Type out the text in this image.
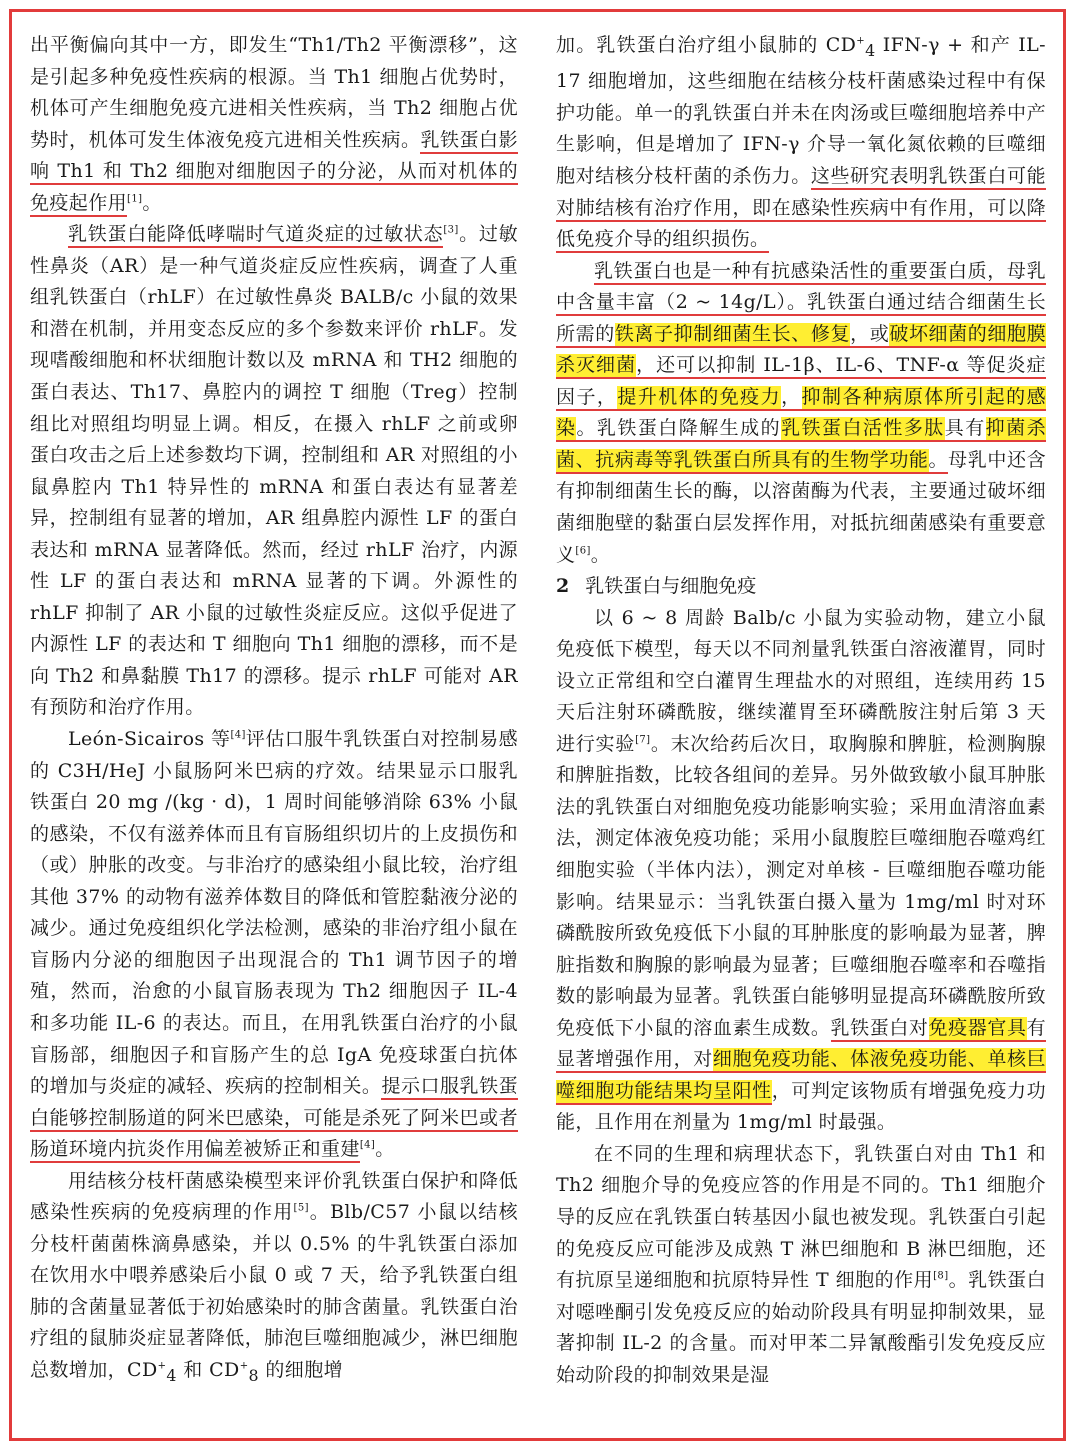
出平衡偏向其中一方，即发生“Th1/Th2 平衡漂移”，这是引起多种免疫性疾病的根源。当 Th1 细胞占优势时，机体可产生细胞免疫亢进相关性疾病，当 Th2 细胞占优势时，机体可发生体液免疫亢进相关性疾病。乳铁蛋白影响 Th1 和 Th2 细胞对细胞因子的分泌，从而对机体的免疫起作用[1]。

乳铁蛋白能降低哮喘时气道炎症的过敏状态[3]。过敏性鼻炎（AR）是一种气道炎症反应性疾病，调查了人重组乳铁蛋白（rhLF）在过敏性鼻炎 BALB/c 小鼠的效果和潜在机制，并用变态反应的多个参数来评价 rhLF。发现嗜酸细胞和杯状细胞计数以及 mRNA 和 TH2 细胞的蛋白表达、Th17、鼻腔内的调控 T 细胞（Treg）控制组比对照组均明显上调。相反，在摄入 rhLF 之前或卵蛋白攻击之后上述参数均下调，控制组和 AR 对照组的小鼠鼻腔内 Th1 特异性的 mRNA 和蛋白表达有显著差异，控制组有显著的增加，AR 组鼻腔内源性 LF 的蛋白表达和 mRNA 显著降低。然而，经过 rhLF 治疗，内源性 LF 的蛋白表达和 mRNA 显著的下调。外源性的 rhLF 抑制了 AR 小鼠的过敏性炎症反应。这似乎促进了内源性 LF 的表达和 T 细胞向 Th1 细胞的漂移，而不是向 Th2 和鼻黏膜 Th17 的漂移。提示 rhLF 可能对 AR 有预防和治疗作用。

León-Sicairos 等[4]评估口服牛乳铁蛋白对控制易感的 C3H/HeJ 小鼠肠阿米巴病的疗效。结果显示口服乳铁蛋白 20 mg /(kg · d)，1 周时间能够消除 63% 小鼠的感染，不仅有滋养体而且有盲肠组织切片的上皮损伤和（或）肿胀的改变。与非治疗的感染组小鼠比较，治疗组其他 37% 的动物有滋养体数目的降低和管腔黏液分泌的减少。通过免疫组织化学法检测，感染的非治疗组小鼠在盲肠内分泌的细胞因子出现混合的 Th1 调节因子的增殖，然而，治愈的小鼠盲肠表现为 Th2 细胞因子 IL-4 和多功能 IL-6 的表达。而且，在用乳铁蛋白治疗的小鼠盲肠部，细胞因子和盲肠产生的总 IgA 免疫球蛋白抗体的增加与炎症的减轻、疾病的控制相关。提示口服乳铁蛋白能够控制肠道的阿米巴感染，可能是杀死了阿米巴或者肠道环境内抗炎作用偏差被矫正和重建[4]。

用结核分枝杆菌感染模型来评价乳铁蛋白保护和降低感染性疾病的免疫病理的作用[5]。Blb/C57 小鼠以结核分枝杆菌菌株滴鼻感染，并以 0.5% 的牛乳铁蛋白添加在饮用水中喂养感染后小鼠 0 或 7 天，给予乳铁蛋白组肺的含菌量显著低于初始感染时的肺含菌量。乳铁蛋白治疗组的鼠肺炎症显著降低，肺泡巨噬细胞减少，淋巴细胞总数增加，$CD^+_4$ 和 $CD^+_8$ 的细胞增

加。乳铁蛋白治疗组小鼠肺的 $CD^+_4$ IFN-γ + 和产 IL-17 细胞增加，这些细胞在结核分枝杆菌感染过程中有保护功能。单一的乳铁蛋白并未在肉汤或巨噬细胞培养中产生影响，但是增加了 IFN-γ 介导一氧化氮依赖的巨噬细胞对结核分枝杆菌的杀伤力。这些研究表明乳铁蛋白可能对肺结核有治疗作用，即在感染性疾病中有作用，可以降低免疫介导的组织损伤。

乳铁蛋白也是一种有抗感染活性的重要蛋白质，母乳中含量丰富（2 ~ 14g/L）。乳铁蛋白通过结合细菌生长所需的铁离子抑制细菌生长、修复，或破坏细菌的细胞膜杀灭细菌，还可以抑制 IL-1β、IL-6、TNF-α 等促炎症因子，提升机体的免疫力，抑制各种病原体所引起的感染。乳铁蛋白降解生成的乳铁蛋白活性多肽具有抑菌杀菌、抗病毒等乳铁蛋白所具有的生物学功能。母乳中还含有抑制细菌生长的酶，以溶菌酶为代表，主要通过破坏细菌细胞壁的黏蛋白层发挥作用，对抵抗细菌感染有重要意义[6]。

2 乳铁蛋白与细胞免疫

以 6 ~ 8 周龄 Balb/c 小鼠为实验动物，建立小鼠免疫低下模型，每天以不同剂量乳铁蛋白溶液灌胃，同时设立正常组和空白灌胃生理盐水的对照组，连续用药 15 天后注射环磷酰胺，继续灌胃至环磷酰胺注射后第 3 天进行实验[7]。末次给药后次日，取胸腺和脾脏，检测胸腺和脾脏指数，比较各组间的差异。另外做致敏小鼠耳肿胀法的乳铁蛋白对细胞免疫功能影响实验；采用血清溶血素法，测定体液免疫功能；采用小鼠腹腔巨噬细胞吞噬鸡红细胞实验（半体内法），测定对单核 - 巨噬细胞吞噬功能影响。结果显示：当乳铁蛋白摄入量为 1mg/ml 时对环磷酰胺所致免疫低下小鼠的耳肿胀度的影响最为显著，脾脏指数和胸腺的影响最为显著；巨噬细胞吞噬率和吞噬指数的影响最为显著。乳铁蛋白能够明显提高环磷酰胺所致免疫低下小鼠的溶血素生成数。乳铁蛋白对免疫器官具有显著增强作用，对细胞免疫功能、体液免疫功能、单核巨噬细胞功能结果均呈阳性，可判定该物质有增强免疫力功能，且作用在剂量为 1mg/ml 时最强。

在不同的生理和病理状态下，乳铁蛋白对由 Th1 和 Th2 细胞介导的免疫应答的作用是不同的。Th1 细胞介导的反应在乳铁蛋白转基因小鼠也被发现。乳铁蛋白引起的免疫反应可能涉及成熟 T 淋巴细胞和 B 淋巴细胞，还有抗原呈递细胞和抗原特异性 T 细胞的作用[8]。乳铁蛋白对噁唑酮引发免疫反应的始动阶段具有明显抑制效果，显著抑制 IL-2 的含量。而对甲苯二异氰酸酯引发免疫反应始动阶段的抑制效果是湿
